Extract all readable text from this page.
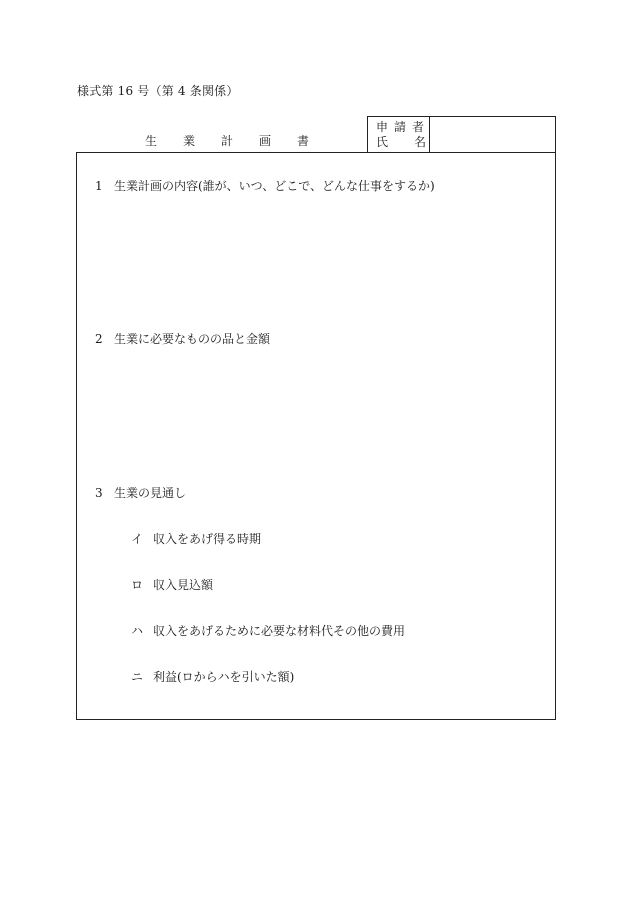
様式第 16 号（第 4 条関係）
生業計画書
申請者
氏名
1 生業計画の内容(誰が、いつ、どこで、どんな仕事をするか)
2 生業に必要なものの品と金額
3 生業の見通し
イ 収入をあげ得る時期
ロ 収入見込額
ハ 収入をあげるために必要な材料代その他の費用
ニ 利益(ロからハを引いた額)
